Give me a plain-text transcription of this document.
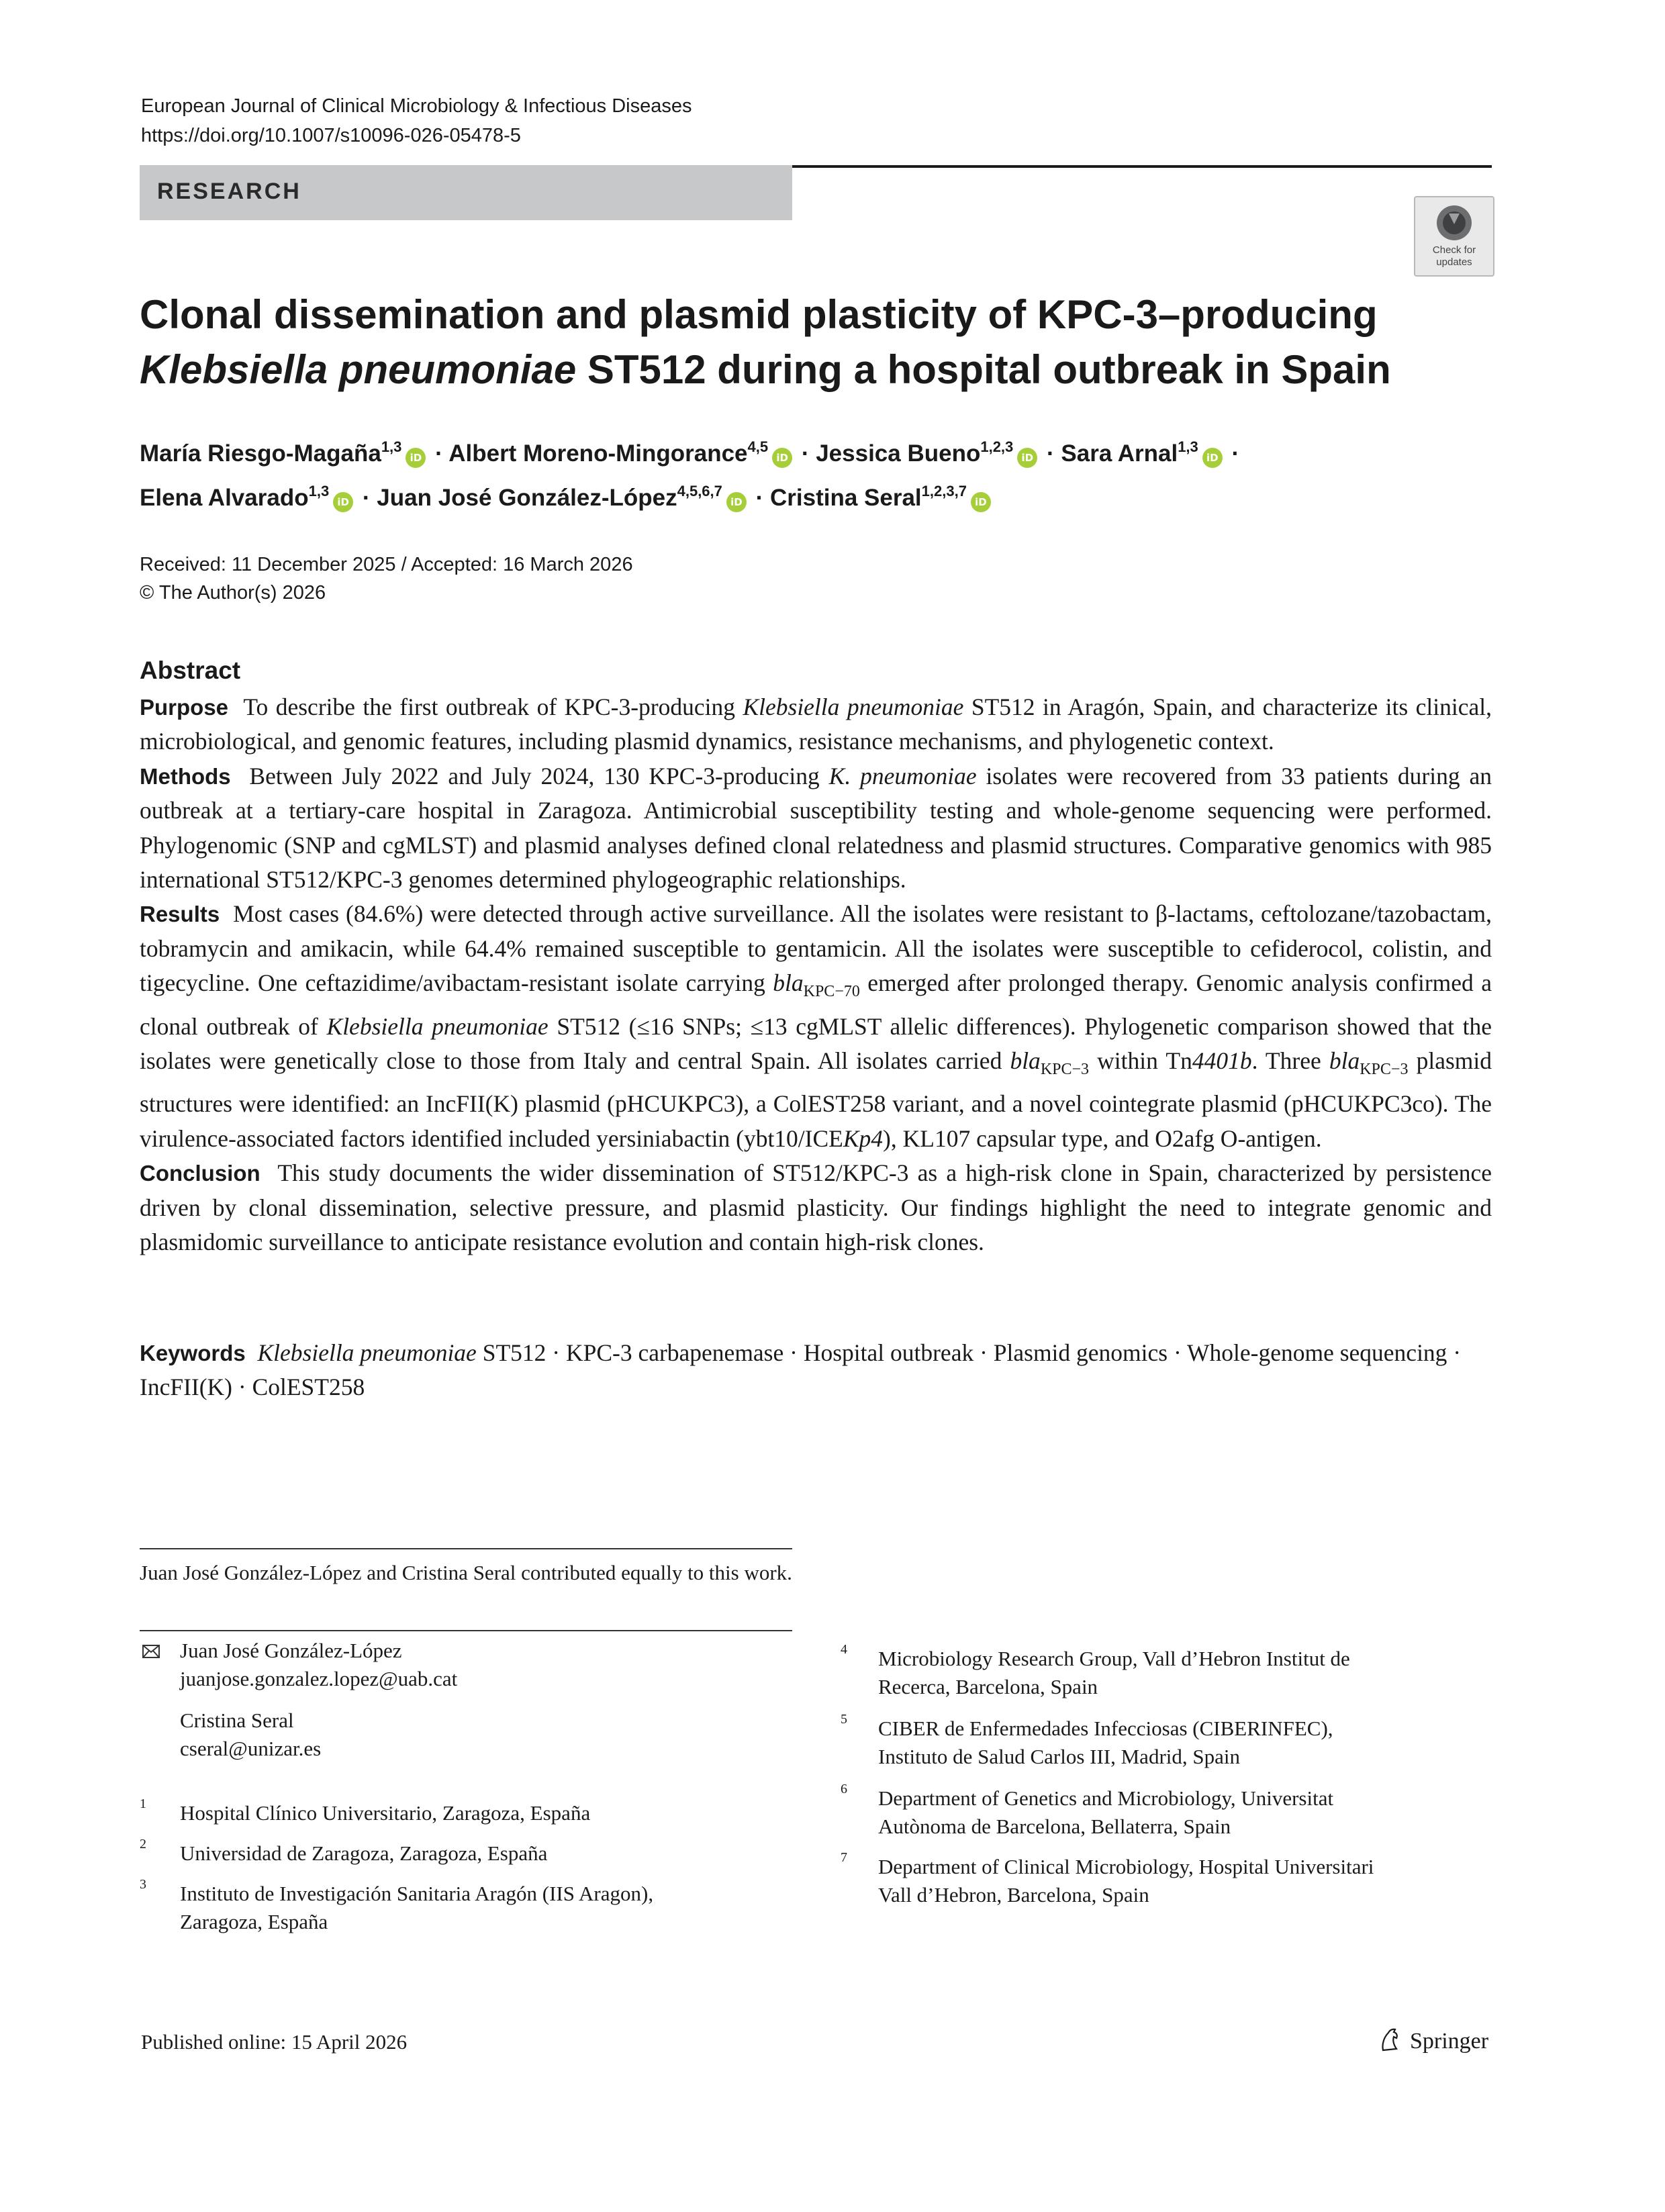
European Journal of Clinical Microbiology & Infectious Diseases
https://doi.org/10.1007/s10096-026-05478-5
RESEARCH
Check for
updates
Clonal dissemination and plasmid plasticity of KPC-3–producing
Klebsiella pneumoniae ST512 during a hospital outbreak in Spain
María Riesgo-Magaña$^{1,3}$iD · Albert Moreno-Mingorance$^{4,5}$iD · Jessica Bueno$^{1,2,3}$iD · Sara Arnal$^{1,3}$iD ·
Elena Alvarado$^{1,3}$iD · Juan José González-López$^{4,5,6,7}$iD · Cristina Seral$^{1,2,3,7}$iD
Received: 11 December 2025 / Accepted: 16 March 2026
© The Author(s) 2026
Abstract

Purpose To describe the first outbreak of KPC-3-producing Klebsiella pneumoniae ST512 in Aragón, Spain, and characterize its clinical, microbiological, and genomic features, including plasmid dynamics, resistance mechanisms, and phylogenetic context.

Methods Between July 2022 and July 2024, 130 KPC-3-producing K. pneumoniae isolates were recovered from 33 patients during an outbreak at a tertiary-care hospital in Zaragoza. Antimicrobial susceptibility testing and whole-genome sequencing were performed. Phylogenomic (SNP and cgMLST) and plasmid analyses defined clonal relatedness and plasmid structures. Comparative genomics with 985 international ST512/KPC-3 genomes determined phylogeographic relationships.

Results Most cases (84.6%) were detected through active surveillance. All the isolates were resistant to β-lactams, ceftolozane/tazobactam, tobramycin and amikacin, while 64.4% remained susceptible to gentamicin. All the isolates were susceptible to cefiderocol, colistin, and tigecycline. One ceftazidime/avibactam-resistant isolate carrying bla$_{KPC-70}$ emerged after prolonged therapy. Genomic analysis confirmed a clonal outbreak of Klebsiella pneumoniae ST512 (≤16 SNPs; ≤13 cgMLST allelic differences). Phylogenetic comparison showed that the isolates were genetically close to those from Italy and central Spain. All isolates carried bla$_{KPC-3}$ within Tn4401b. Three bla$_{KPC-3}$ plasmid structures were identified: an IncFII(K) plasmid (pHCUKPC3), a ColEST258 variant, and a novel cointegrate plasmid (pHCUKPC3co). The virulence-associated factors identified included yersiniabactin (ybt10/ICEKp4), KL107 capsular type, and O2afg O-antigen.

Conclusion This study documents the wider dissemination of ST512/KPC-3 as a high-risk clone in Spain, characterized by persistence driven by clonal dissemination, selective pressure, and plasmid plasticity. Our findings highlight the need to integrate genomic and plasmidomic surveillance to anticipate resistance evolution and contain high-risk clones.

Keywords Klebsiella pneumoniae ST512 · KPC-3 carbapenemase · Hospital outbreak · Plasmid genomics · Whole-genome sequencing · IncFII(K) · ColEST258
Juan José González-López and Cristina Seral contributed equally to this work.
Juan José González-López
juanjose.gonzalez.lopez@uab.cat
Cristina Seral
cseral@unizar.es
1 Hospital Clínico Universitario, Zaragoza, España
2 Universidad de Zaragoza, Zaragoza, España
3 Instituto de Investigación Sanitaria Aragón (IIS Aragon),
Zaragoza, España
4 Microbiology Research Group, Vall d’Hebron Institut de
Recerca, Barcelona, Spain
5 CIBER de Enfermedades Infecciosas (CIBERINFEC),
Instituto de Salud Carlos III, Madrid, Spain
6 Department of Genetics and Microbiology, Universitat
Autònoma de Barcelona, Bellaterra, Spain
7 Department of Clinical Microbiology, Hospital Universitari
Vall d’Hebron, Barcelona, Spain
Published online: 15 April 2026	Springer
